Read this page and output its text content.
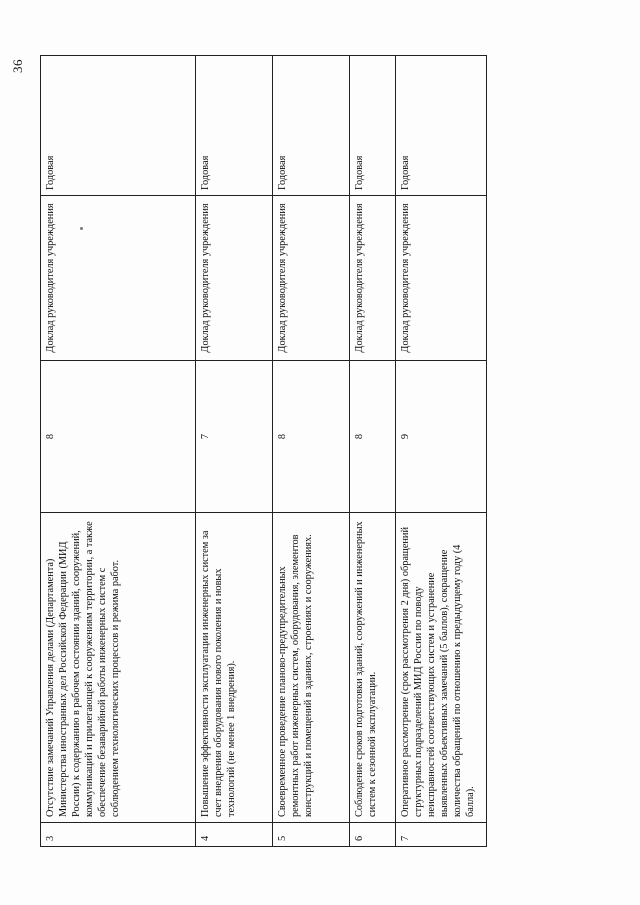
36
3	Отсутствие замечаний Управления делами (Департамента) Министерства иностранных дел Российской Федерации (МИД России) к содержанию в рабочем состоянии зданий, сооружений, коммуникаций и прилегающей к сооружениям территории, а также обеспечение безаварийной работы инженерных систем с соблюдением технологических процессов и режима работ.	8	Доклад руководителя учреждения	Годовая
4	Повышение эффективности эксплуатации инженерных систем за счет внедрения оборудования нового поколения и новых технологий (не менее 1 внедрения).	7	Доклад руководителя учреждения	Годовая
5	Своевременное проведение планово-предупредительных ремонтных работ инженерных систем, оборудования, элементов конструкций и помещений в зданиях, строениях и сооружениях.	8	Доклад руководителя учреждения	Годовая
6	Соблюдение сроков подготовки зданий, сооружений и инженерных систем к сезонной эксплуатации.	8	Доклад руководителя учреждения	Годовая
7	Оперативное рассмотрение (срок рассмотрения 2 дня) обращений структурных подразделений МИД России по поводу неисправностей соответствующих систем и устранение выявленных объективных замечаний (5 баллов), сокращение количества обращений по отношению к предыдущему году (4 балла).	9	Доклад руководителя учреждения	Годовая
